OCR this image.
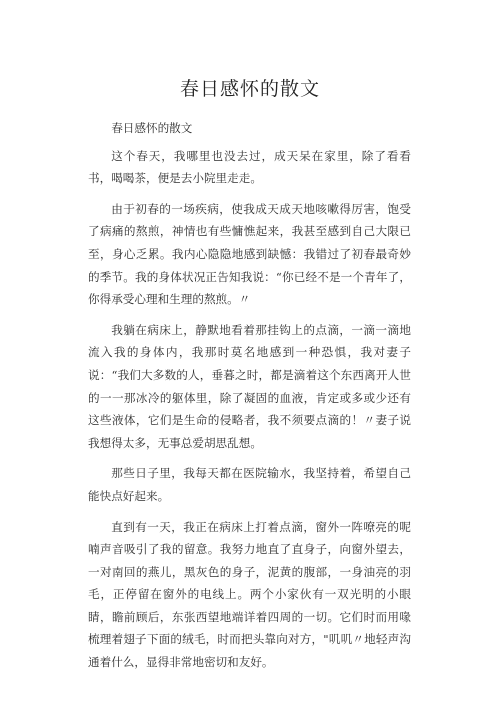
春日感怀的散文

春日感怀的散文

这个春天，我哪里也没去过，成天呆在家里，除了看看书，喝喝茶，便是去小院里走走。

由于初春的一场疾病，使我成天成天地咳嗽得厉害，饱受了病痛的熬煎，神情也有些慵憔起来，我甚至感到自己大限已至，身心乏累。我内心隐隐地感到缺憾：我错过了初春最奇妙的季节。我的身体状况正告知我说：“你已经不是一个青年了，你得承受心理和生理的熬煎。〃

我躺在病床上，静默地看着那挂钩上的点滴，一滴一滴地流入我的身体内，我那时莫名地感到一种恐惧，我对妻子说：“我们大多数的人，垂暮之时，都是滴着这个东西离开人世的一一那冰冷的躯体里，除了凝固的血液，肯定或多或少还有这些液体，它们是生命的侵略者，我不须要点滴的！〃妻子说我想得太多，无事总爱胡思乱想。

那些日子里，我每天都在医院输水，我坚持着，希望自己能快点好起来。

直到有一天，我正在病床上打着点滴，窗外一阵嘹亮的呢喃声音吸引了我的留意。我努力地直了直身子，向窗外望去，一对南回的燕儿，黑灰色的身子，泥黄的腹部，一身油亮的羽毛，正停留在窗外的电线上。两个小家伙有一双光明的小眼睛，瞻前顾后，东张西望地端详着四周的一切。它们时而用喙梳理着翅子下面的绒毛，时而把头靠向对方，"叽叽〃地轻声沟通着什么，显得非常地密切和友好。
